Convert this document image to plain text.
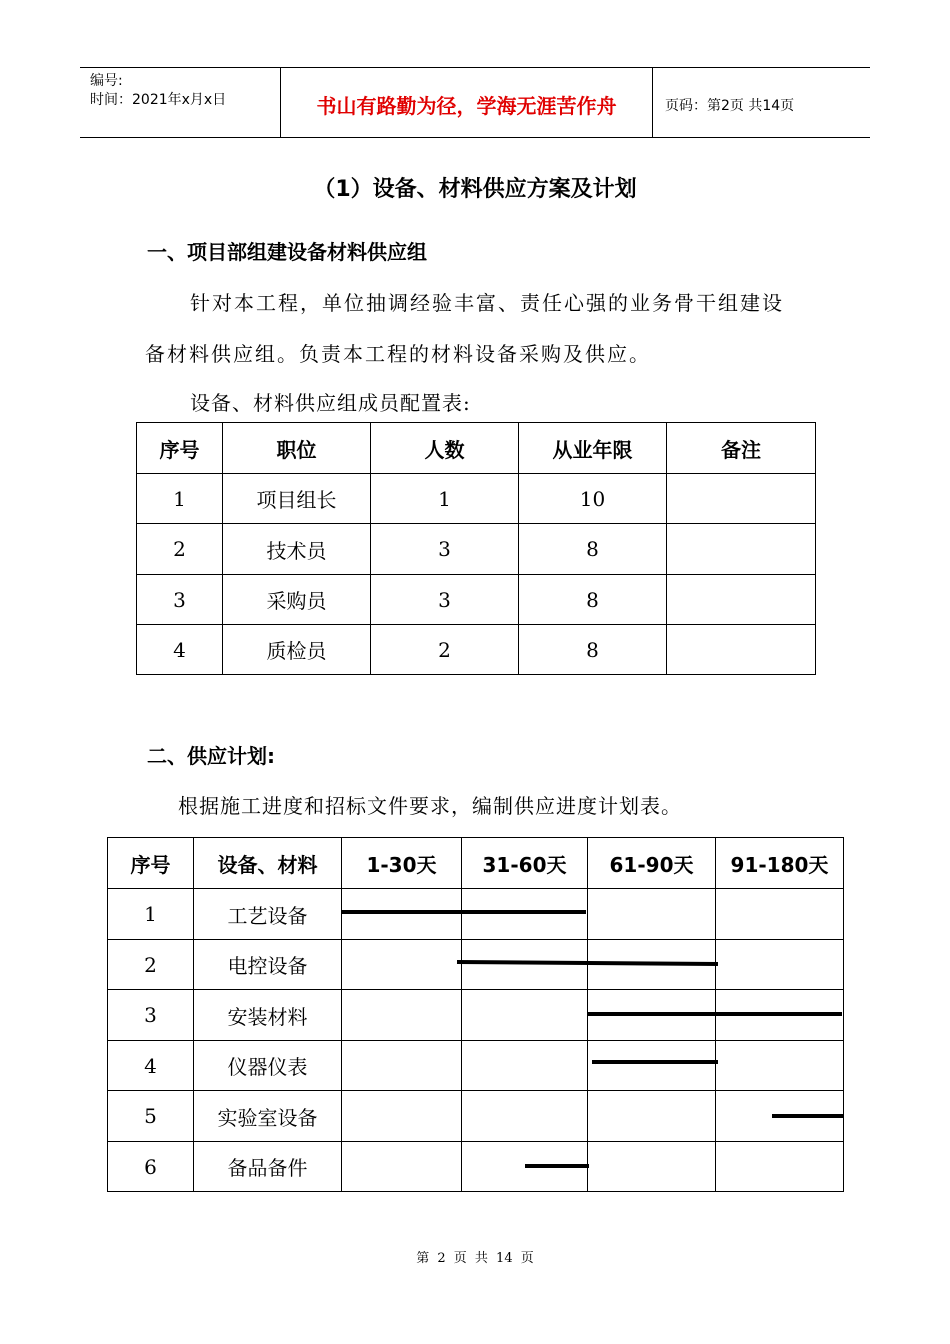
编号:
时间：2021年x月x日	书山有路勤为径，学海无涯苦作舟	页码：第2页 共14页
（1）设备、材料供应方案及计划
一、项目部组建设备材料供应组
针对本工程，单位抽调经验丰富、责任心强的业务骨干组建设
备材料供应组。负责本工程的材料设备采购及供应。
设备、材料供应组成员配置表:
序号	职位	人数	从业年限	备注
1	项目组长	1	10	
2	技术员	3	8	
3	采购员	3	8	
4	质检员	2	8	
二、供应计划:
根据施工进度和招标文件要求，编制供应进度计划表。
序号	设备、材料	1-30天	31-60天	61-90天	91-180天
1	工艺设备				
2	电控设备				
3	安装材料				
4	仪器仪表				
5	实验室设备				
6	备品备件				
第 2 页 共 14 页
